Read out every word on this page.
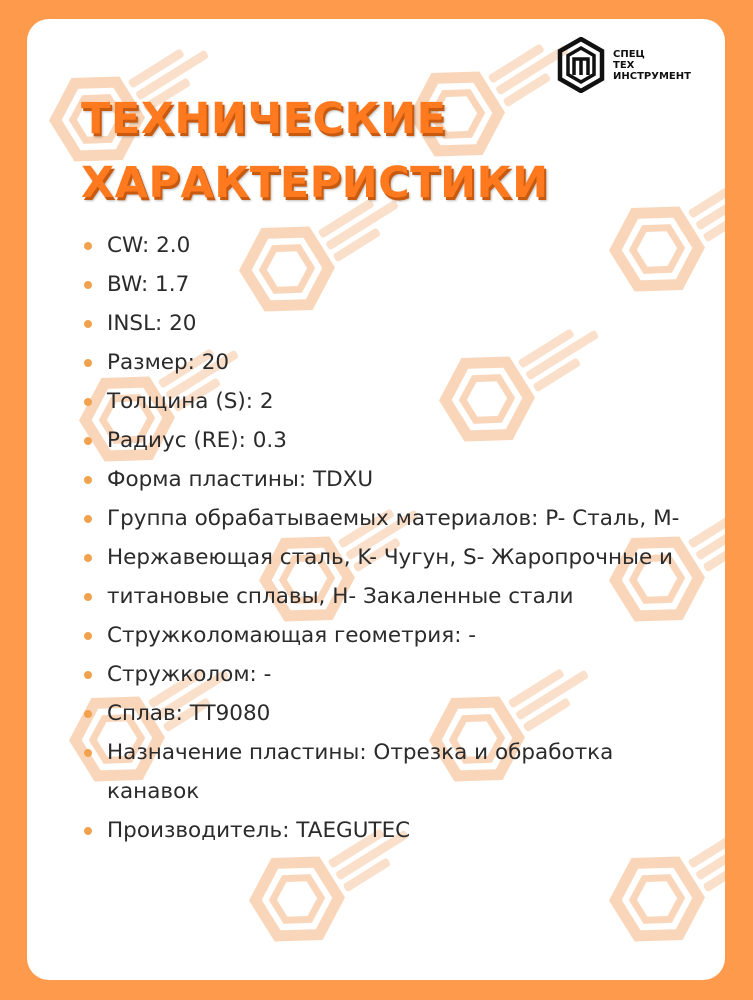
СПЕЦ
ТЕХ
ИНСТРУМЕНТ
ТЕХНИЧЕСКИЕ
ХАРАКТЕРИСТИКИ
CW: 2.0
BW: 1.7
INSL: 20
Размер: 20
Толщина (S): 2
Радиус (RE): 0.3
Форма пластины: TDXU
Группа обрабатываемых материалов: P- Сталь, M-
Нержавеющая сталь, K- Чугун, S- Жаропрочные и
титановые сплавы, H- Закаленные стали
Стружколомающая геометрия: -
Стружколом: -
Сплав: TT9080
Назначение пластины: Отрезка и обработка
канавок
Производитель: TAEGUTEC
